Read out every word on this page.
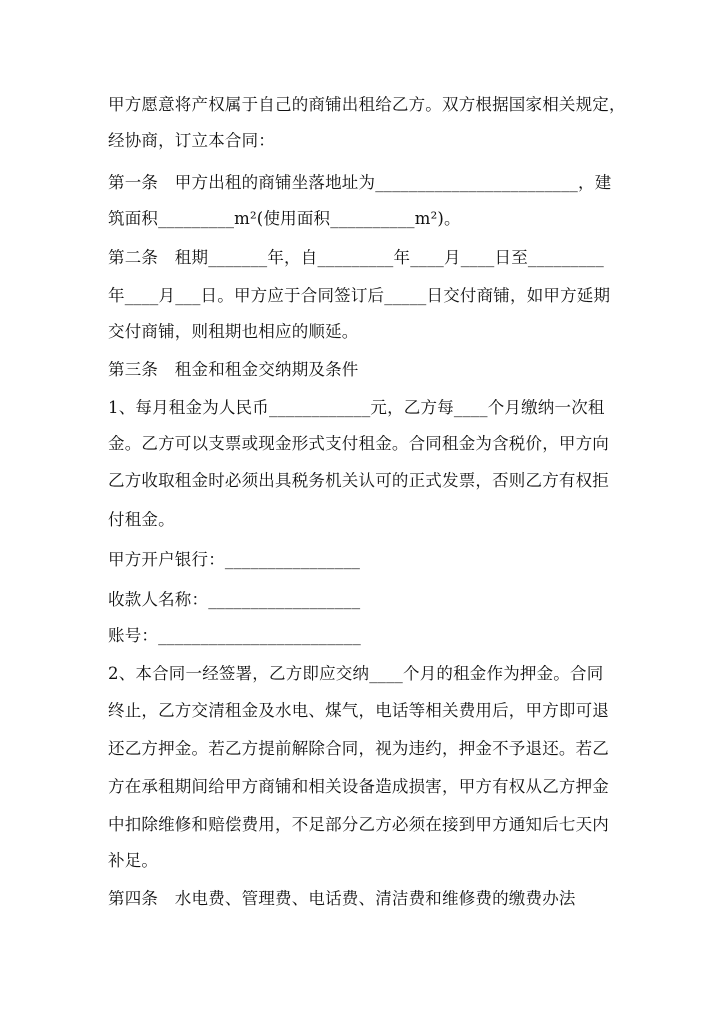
甲方愿意将产权属于自己的商铺出租给乙方。双方根据国家相关规定，
经协商，订立本合同：
第一条　甲方出租的商铺坐落地址为________________________，建
筑面积_________m²(使用面积__________m²)。
第二条　租期_______年，自_________年____月____日至_________
年____月___日。甲方应于合同签订后_____日交付商铺，如甲方延期
交付商铺，则租期也相应的顺延。
第三条　租金和租金交纳期及条件
1、每月租金为人民币____________元，乙方每____个月缴纳一次租
金。乙方可以支票或现金形式支付租金。合同租金为含税价，甲方向
乙方收取租金时必须出具税务机关认可的正式发票，否则乙方有权拒
付租金。
甲方开户银行：________________
收款人名称：__________________
账号：________________________
2、本合同一经签署，乙方即应交纳____个月的租金作为押金。合同
终止，乙方交清租金及水电、煤气，电话等相关费用后，甲方即可退
还乙方押金。若乙方提前解除合同，视为违约，押金不予退还。若乙
方在承租期间给甲方商铺和相关设备造成损害，甲方有权从乙方押金
中扣除维修和赔偿费用，不足部分乙方必须在接到甲方通知后七天内
补足。
第四条　水电费、管理费、电话费、清洁费和维修费的缴费办法
